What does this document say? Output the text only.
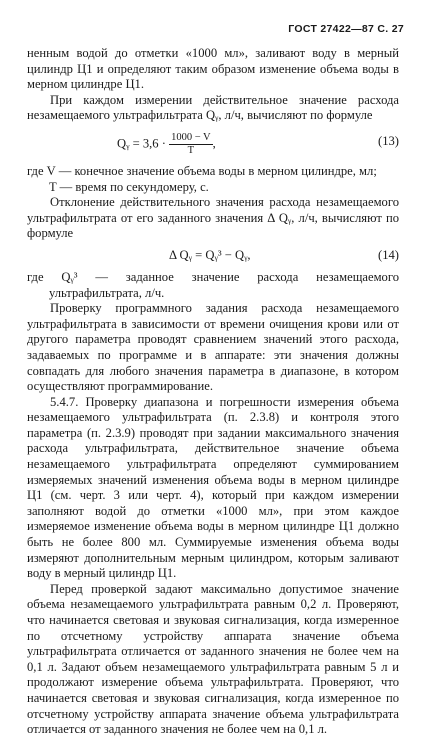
ГОСТ 27422—87 С. 27

ненным водой до отметки «1000 мл», заливают воду в мерный цилиндр Ц1 и определяют таким образом изменение объема воды в мерном цилиндре Ц1.

При каждом измерении действительное значение расхода незамещаемого ультрафильтрата Qᵧ, л/ч, вычисляют по формуле

Qᵧ = $3,6 \cdot \frac{1000 - V}{T}$ ,	(13)

где V — конечное значение объема воды в мерном цилиндре, мл;

T — время по секундомеру, с.

Отклонение действительного значения расхода незамещаемого ультрафильтрата от его заданного значения Δ Qᵧ, л/ч, вычисляют по формуле

Δ Qᵧ = Qᵧ³ − Qᵧ,	(14)

где Qᵧ³ — заданное значение расхода незамещаемого ультрафильтрата, л/ч.

Проверку программного задания расхода незамещаемого ультрафильтрата в зависимости от времени очищения крови или от другого параметра проводят сравнением значений этого расхода, задаваемых по программе и в аппарате: эти значения должны совпадать для любого значения параметра в диапазоне, в котором осуществляют программирование.

5.4.7. Проверку диапазона и погрешности измерения объема незамещаемого ультрафильтрата (п. 2.3.8) и контроля этого параметра (п. 2.3.9) проводят при задании максимального значения расхода ультрафильтрата, действительное значение объема незамещаемого ультрафильтрата определяют суммированием измеряемых значений изменения объема воды в мерном цилиндре Ц1 (см. черт. 3 или черт. 4), который при каждом измерении заполняют водой до отметки «1000 мл», при этом каждое измеряемое изменение объема воды в мерном цилиндре Ц1 должно быть не более 800 мл. Суммируемые изменения объема воды измеряют дополнительным мерным цилиндром, которым заливают воду в мерный цилиндр Ц1.

Перед проверкой задают максимально допустимое значение объема незамещаемого ультрафильтрата равным 0,2 л. Проверяют, что начинается световая и звуковая сигнализация, когда измеренное по отсчетному устройству аппарата значение объема ультрафильтрата отличается от заданного значения не более чем на 0,1 л. Задают объем незамещаемого ультрафильтрата равным 5 л и продолжают измерение объема ультрафильтрата. Проверяют, что начинается световая и звуковая сигнализация, когда измеренное по отсчетному устройству аппарата значение объема ультрафильтрата отличается от заданного значения не более чем на 0,1 л.
